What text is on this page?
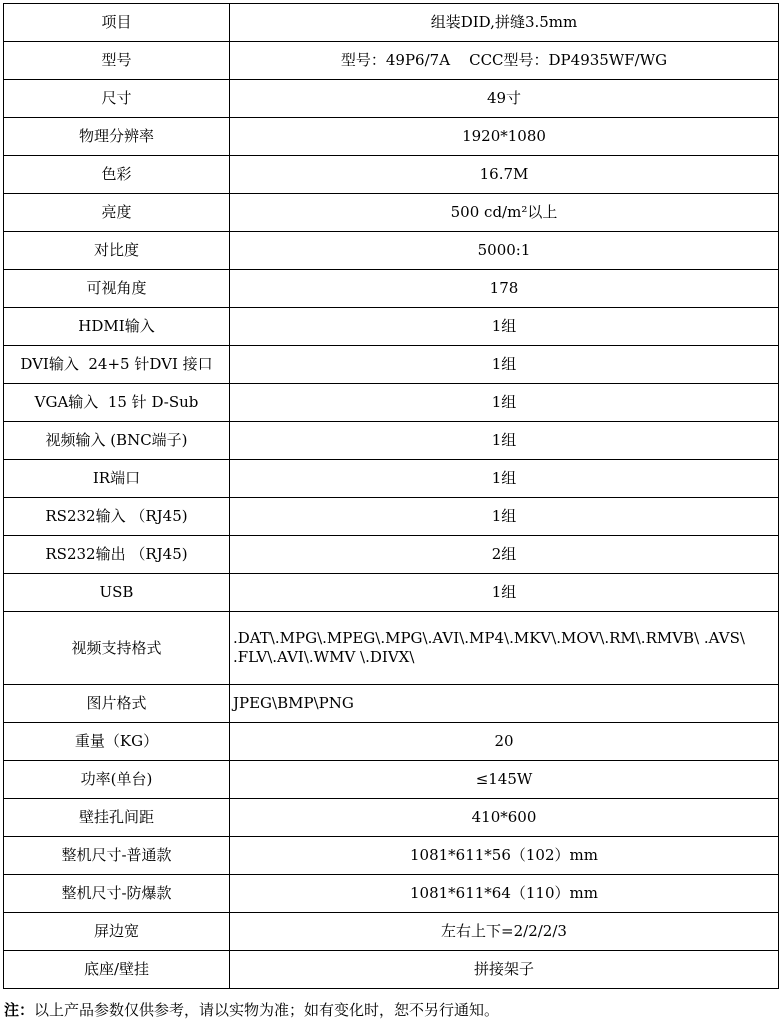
项目	组装DID,拼缝3.5mm
型号	型号：49P6/7A    CCC型号：DP4935WF/WG
尺寸	49寸
物理分辨率	1920*1080
色彩	16.7M
亮度	500 cd/m²以上
对比度	5000:1
可视角度	178
HDMI输入	1组
DVI输入  24+5 针DVI 接口	1组
VGA输入  15 针 D-Sub	1组
视频输入 (BNC端子)	1组
IR端口	1组
RS232输入 （RJ45)	1组
RS232输出 （RJ45)	2组
USB	1组
视频支持格式	.DAT\.MPG\.MPEG\.MPG\.AVI\.MP4\.MKV\.MOV\.RM\.RMVB\ .AVS\
.FLV\.AVI\.WMV \.DIVX\

图片格式	JPEG\BMP\PNG
重量（KG）	20
功率(单台)	≤145W
壁挂孔间距	410*600
整机尺寸-普通款	1081*611*56（102）mm
整机尺寸-防爆款	1081*611*64（110）mm
屏边宽	左右上下=2/2/2/3
底座/壁挂	拼接架子
注：以上产品参数仅供参考，请以实物为准；如有变化时，恕不另行通知。
